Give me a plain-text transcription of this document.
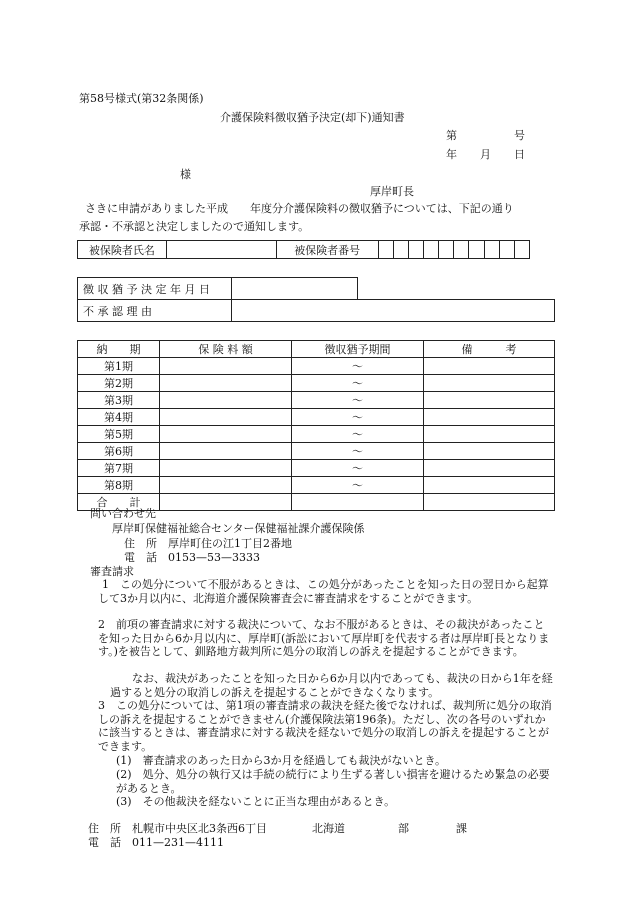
第58号様式(第32条関係)
介護保険料徴収猶予決定(却下)通知書
第	号
年 月 日
様
厚岸町長
さきに申請がありました平成　　年度分介護保険料の徴収猶予については、下記の通り
承認・不承認と決定しましたので通知します。
被保険者氏名		被保険者番号										
徴 収 猶 予 決 定 年 月 日		
不 承 認 理 由		
納　　期	保 険 料 額	徴収猶予期間	備　　　考
第1期		～	
第2期		～	
第3期		～	
第4期		～	
第5期		～	
第6期		～	
第7期		～	
第8期		～	
合　　計			
問い合わせ先
厚岸町保健福祉総合センター保健福祉課介護保険係
住　所　厚岸町住の江1丁目2番地
電　話　0153—53—3333
審査請求
1　この処分について不服があるときは、この処分があったことを知った日の翌日から起算して3か月以内に、北海道介護保険審査会に審査請求をすることができます。
2　前項の審査請求に対する裁決について、なお不服があるときは、その裁決があったことを知った日から6か月以内に、厚岸町(訴訟において厚岸町を代表する者は厚岸町長となります。)を被告として、釧路地方裁判所に処分の取消しの訴えを提起することができます。
なお、裁決があったことを知った日から6か月以内であっても、裁決の日から1年を経過すると処分の取消しの訴えを提起することができなくなります。
3　この処分については、第1項の審査請求の裁決を経た後でなければ、裁判所に処分の取消しの訴えを提起することができません(介護保険法第196条)。ただし、次の各号のいずれかに該当するときは、審査請求に対する裁決を経ないで処分の取消しの訴えを提起することができます。
(1)　審査請求のあった日から3か月を経過しても裁決がないとき。
(2)　処分、処分の執行又は手続の続行により生ずる著しい損害を避けるため緊急の必要があるとき。
(3)　その他裁決を経ないことに正当な理由があるとき。
住　所　札幌市中央区北3条西6丁目	北海道	部	課
電　話　011—231—4111
